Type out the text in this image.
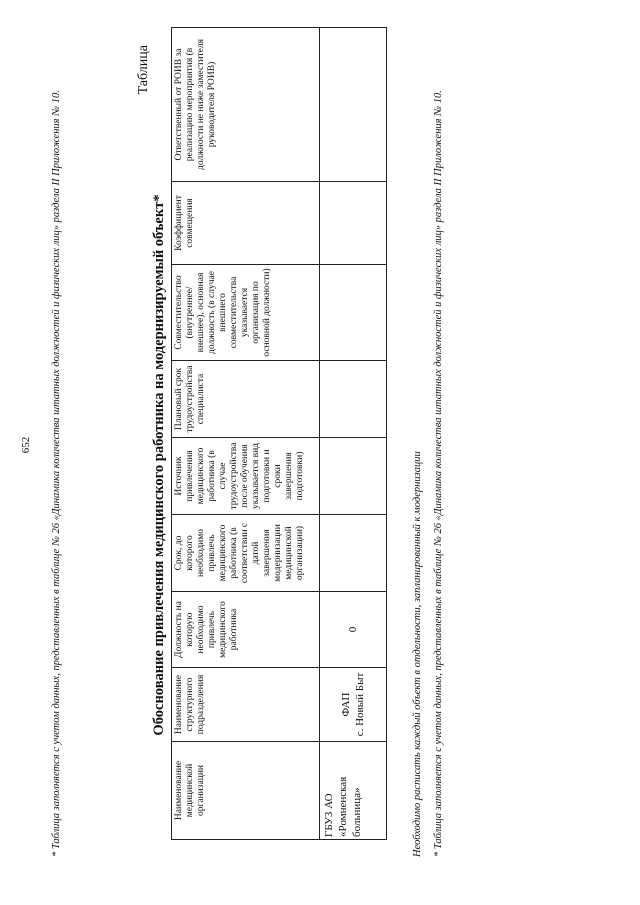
652 * Таблица заполняется с учетом данных, представленных в таблице № 26 «Динамика количества штатных должностей и физических лиц» раздела II Приложения № 10.
Таблица
Обоснование привлечения медицинского работника на модернизируемый объект*
Наименование медицинской организации	Наименование структурного подразделения	Должность на которую необходимо привлечь медицинского работника	Срок, до которого необходимо привлечь медицинского работника (в соответствии с датой завершения модернизации медицинской организации)	Источник привлечения медицинского работника (в случае трудоустройства после обучения указывается вид подготовки и сроки завершения подготовки)	Плановый срок трудоустройства специалиста	Совместительство (внутреннее/внешнее), основная должность (в случае внешнего совместительства указывается организация по основной должности)	Коэффициент совмещения	Ответственный от РОИВ за реализацию мероприятия (в должности не ниже заместителя руководителя РОИВ)
ГБУЗ АО «Ромненская больница»	ФАП с. Новый Быт	0							Необходимо расписать каждый объект в отдельности, запланированный к модернизации * Таблица заполняется с учетом данных, представленных в таблице № 26 «Динамика количества штатных должностей и физических лиц» раздела II Приложения № 10.
